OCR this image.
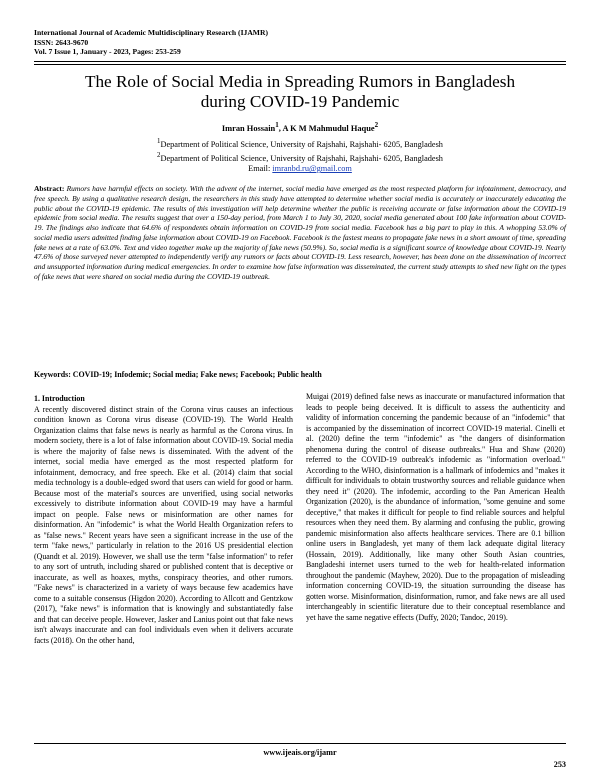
International Journal of Academic Multidisciplinary Research (IJAMR)
ISSN: 2643-9670
Vol. 7 Issue 1, January - 2023, Pages: 253-259
The Role of Social Media in Spreading Rumors in Bangladesh
during COVID-19 Pandemic
Imran Hossain$^1$, A K M Mahmudul Haque$^2$
$^1$Department of Political Science, University of Rajshahi, Rajshahi- 6205, Bangladesh
$^2$Department of Political Science, University of Rajshahi, Rajshahi- 6205, Bangladesh
Email: imranbd.ru@gmail.com
Abstract: Rumors have harmful effects on society. With the advent of the internet, social media have emerged as the most respected platform for infotainment, democracy, and free speech. By using a qualitative research design, the researchers in this study have attempted to determine whether social media is accurately or inaccurately educating the public about the COVID-19 epidemic. The results of this investigation will help determine whether the public is receiving accurate or false information about the COVID-19 epidemic from social media. The results suggest that over a 150-day period, from March 1 to July 30, 2020, social media generated about 100 fake information about COVID-19. The findings also indicate that 64.6% of respondents obtain information on COVID-19 from social media. Facebook has a big part to play in this. A whopping 53.0% of social media users admitted finding false information about COVID-19 on Facebook. Facebook is the fastest means to propagate fake news in a short amount of time, spreading fake news at a rate of 63.0%. Text and video together make up the majority of fake news (50.9%). So, social media is a significant source of knowledge about COVID-19. Nearly 47.6% of those surveyed never attempted to independently verify any rumors or facts about COVID-19. Less research, however, has been done on the dissemination of incorrect and unsupported information during medical emergencies. In order to examine how false information was disseminated, the current study attempts to shed new light on the types of fake news that were shared on social media during the COVID-19 outbreak.
Keywords: COVID-19; Infodemic; Social media; Fake news; Facebook; Public health
1. Introduction

A recently discovered distinct strain of the Corona virus causes an infectious condition known as Corona virus disease (COVID-19). The World Health Organization claims that false news is nearly as harmful as the Corona virus. In modern society, there is a lot of false information about COVID-19. Social media is where the majority of false news is disseminated. With the advent of the internet, social media have emerged as the most respected platform for infotainment, democracy, and free speech. Eke et al. (2014) claim that social media technology is a double-edged sword that users can wield for good or harm. Because most of the material's sources are unverified, using social networks excessively to distribute information about COVID-19 may have a harmful impact on people. False news or misinformation are other names for disinformation. An "infodemic" is what the World Health Organization refers to as "false news." Recent years have seen a significant increase in the use of the term "fake news," particularly in relation to the 2016 US presidential election (Quandt et al. 2019). However, we shall use the term "false information" to refer to any sort of untruth, including shared or published content that is deceptive or inaccurate, as well as hoaxes, myths, conspiracy theories, and other rumors. "Fake news" is characterized in a variety of ways because few academics have come to a suitable consensus (Higdon 2020). According to Allcott and Gentzkow (2017), "fake news" is information that is knowingly and substantiatedly false and that can deceive people. However, Jasker and Lanius point out that fake news isn't always inaccurate and can fool individuals even when it delivers accurate facts (2018). On the other hand,

Muigai (2019) defined false news as inaccurate or manufactured information that leads to people being deceived. It is difficult to assess the authenticity and validity of information concerning the pandemic because of an "infodemic" that is accompanied by the dissemination of incorrect COVID-19 material. Cinelli et al. (2020) define the term "infodemic" as "the dangers of disinformation phenomena during the control of disease outbreaks." Hua and Shaw (2020) referred to the COVID-19 outbreak's infodemic as "information overload." According to the WHO, disinformation is a hallmark of infodemics and "makes it difficult for individuals to obtain trustworthy sources and reliable guidance when they need it" (2020). The infodemic, according to the Pan American Health Organization (2020), is the abundance of information, "some genuine and some deceptive," that makes it difficult for people to find reliable sources and helpful resources when they need them. By alarming and confusing the public, growing pandemic misinformation also affects healthcare services. There are 0.1 billion online users in Bangladesh, yet many of them lack adequate digital literacy (Hossain, 2019). Additionally, like many other South Asian countries, Bangladeshi internet users turned to the web for health-related information throughout the pandemic (Mayhew, 2020). Due to the propagation of misleading information concerning COVID-19, the situation surrounding the disease has gotten worse. Misinformation, disinformation, rumor, and fake news are all used interchangeably in scientific literature due to their conceptual resemblance and yet have the same negative effects (Duffy, 2020; Tandoc, 2019).

www.ijeais.org/ijamr
253
